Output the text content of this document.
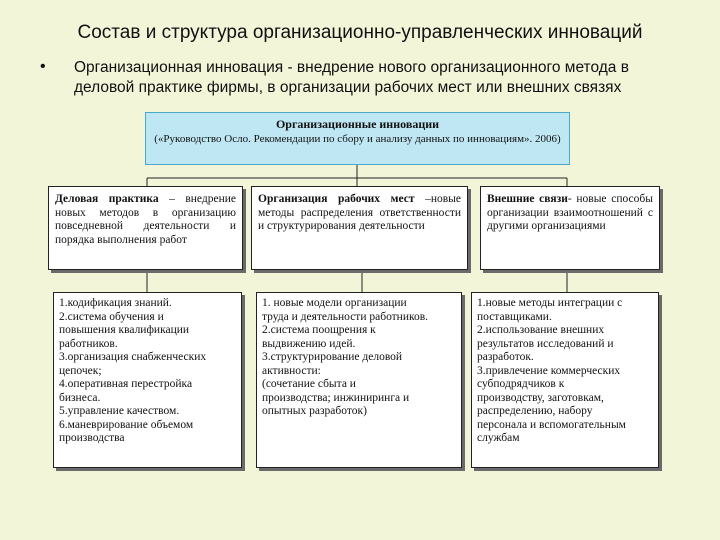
Состав и структура организационно-управленческих инноваций
• Организационная инновация - внедрение нового организационного метода в деловой практике фирмы, в организации рабочих мест или внешних связях
Организационные инновации
(«Руководство Осло. Рекомендации по сбору и анализу данных по инновациям». 2006)
Деловая практика – внедрение новых методов в организацию повседневной деятельности и порядка выполнения работ
Организация рабочих мест –новые методы распределения ответственности и структурирования деятельности
Внешние связи- новые способы организации взаимоотношений с другими организациями
1.кодификация знаний.
2.система обучения и
повышения квалификации
работников.
3.организация снабженческих
цепочек;
4.оперативная перестройка
бизнеса.
5.управление качеством.
6.маневрирование объемом
производства
1. новые модели организации
труда и деятельности работников.
2.система поощрения к
выдвижению идей.
3.структурирование деловой
активности:
(сочетание сбыта и
производства; инжиниринга и
опытных разработок)
1.новые методы интеграции с
поставщиками.
2.использование внешних
результатов исследований и
разработок.
3.привлечение коммерческих
субподрядчиков к
производству, заготовкам,
распределению, набору
персонала и вспомогательным
службам
